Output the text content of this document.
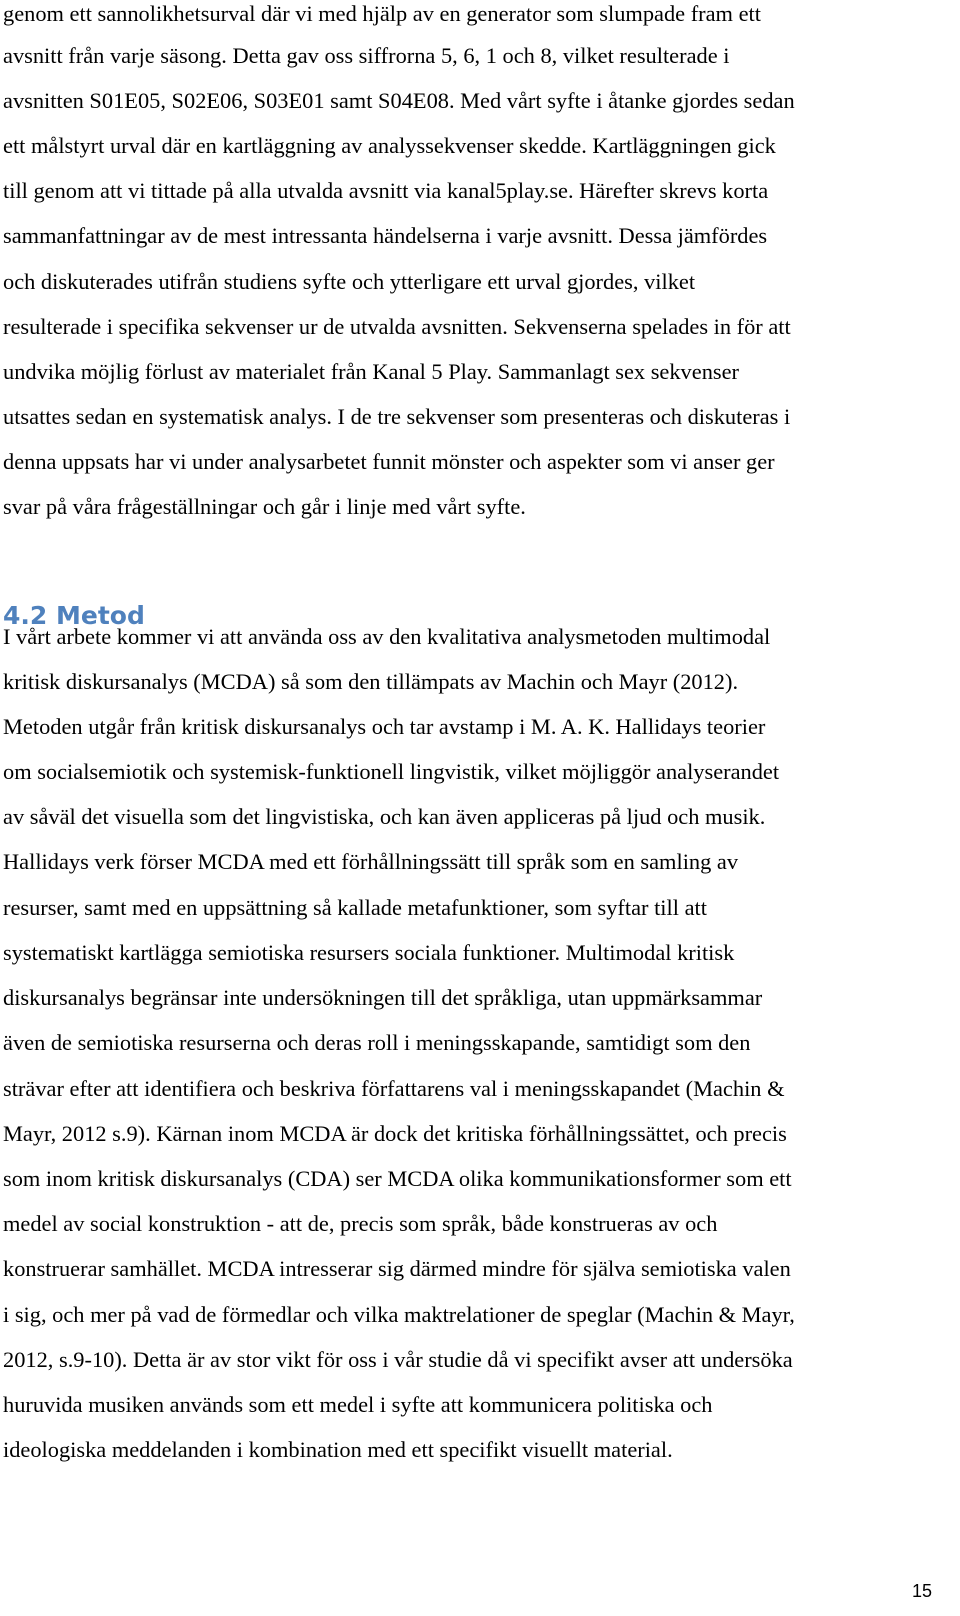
genom ett sannolikhetsurval där vi med hjälp av en generator som slumpade fram ett

avsnitt från varje säsong. Detta gav oss siffrorna 5, 6, 1 och 8, vilket resulterade i

avsnitten S01E05, S02E06, S03E01 samt S04E08. Med vårt syfte i åtanke gjordes sedan

ett målstyrt urval där en kartläggning av analyssekvenser skedde. Kartläggningen gick

till genom att vi tittade på alla utvalda avsnitt via kanal5play.se. Härefter skrevs korta

sammanfattningar av de mest intressanta händelserna i varje avsnitt. Dessa jämfördes

och diskuterades utifrån studiens syfte och ytterligare ett urval gjordes, vilket

resulterade i specifika sekvenser ur de utvalda avsnitten. Sekvenserna spelades in för att

undvika möjlig förlust av materialet från Kanal 5 Play. Sammanlagt sex sekvenser

utsattes sedan en systematisk analys. I de tre sekvenser som presenteras och diskuteras i

denna uppsats har vi under analysarbetet funnit mönster och aspekter som vi anser ger

svar på våra frågeställningar och går i linje med vårt syfte.

4.2 Metod

I vårt arbete kommer vi att använda oss av den kvalitativa analysmetoden multimodal

kritisk diskursanalys (MCDA) så som den tillämpats av Machin och Mayr (2012).

Metoden utgår från kritisk diskursanalys och tar avstamp i M. A. K. Hallidays teorier

om socialsemiotik och systemisk-funktionell lingvistik, vilket möjliggör analyserandet

av såväl det visuella som det lingvistiska, och kan även appliceras på ljud och musik.

Hallidays verk förser MCDA med ett förhållningssätt till språk som en samling av

resurser, samt med en uppsättning så kallade metafunktioner, som syftar till att

systematiskt kartlägga semiotiska resursers sociala funktioner. Multimodal kritisk

diskursanalys begränsar inte undersökningen till det språkliga, utan uppmärksammar

även de semiotiska resurserna och deras roll i meningsskapande, samtidigt som den

strävar efter att identifiera och beskriva författarens val i meningsskapandet (Machin &

Mayr, 2012 s.9). Kärnan inom MCDA är dock det kritiska förhållningssättet, och precis

som inom kritisk diskursanalys (CDA) ser MCDA olika kommunikationsformer som ett

medel av social konstruktion - att de, precis som språk, både konstrueras av och

konstruerar samhället. MCDA intresserar sig därmed mindre för själva semiotiska valen

i sig, och mer på vad de förmedlar och vilka maktrelationer de speglar (Machin & Mayr,

2012, s.9-10). Detta är av stor vikt för oss i vår studie då vi specifikt avser att undersöka

huruvida musiken används som ett medel i syfte att kommunicera politiska och

ideologiska meddelanden i kombination med ett specifikt visuellt material.

15
